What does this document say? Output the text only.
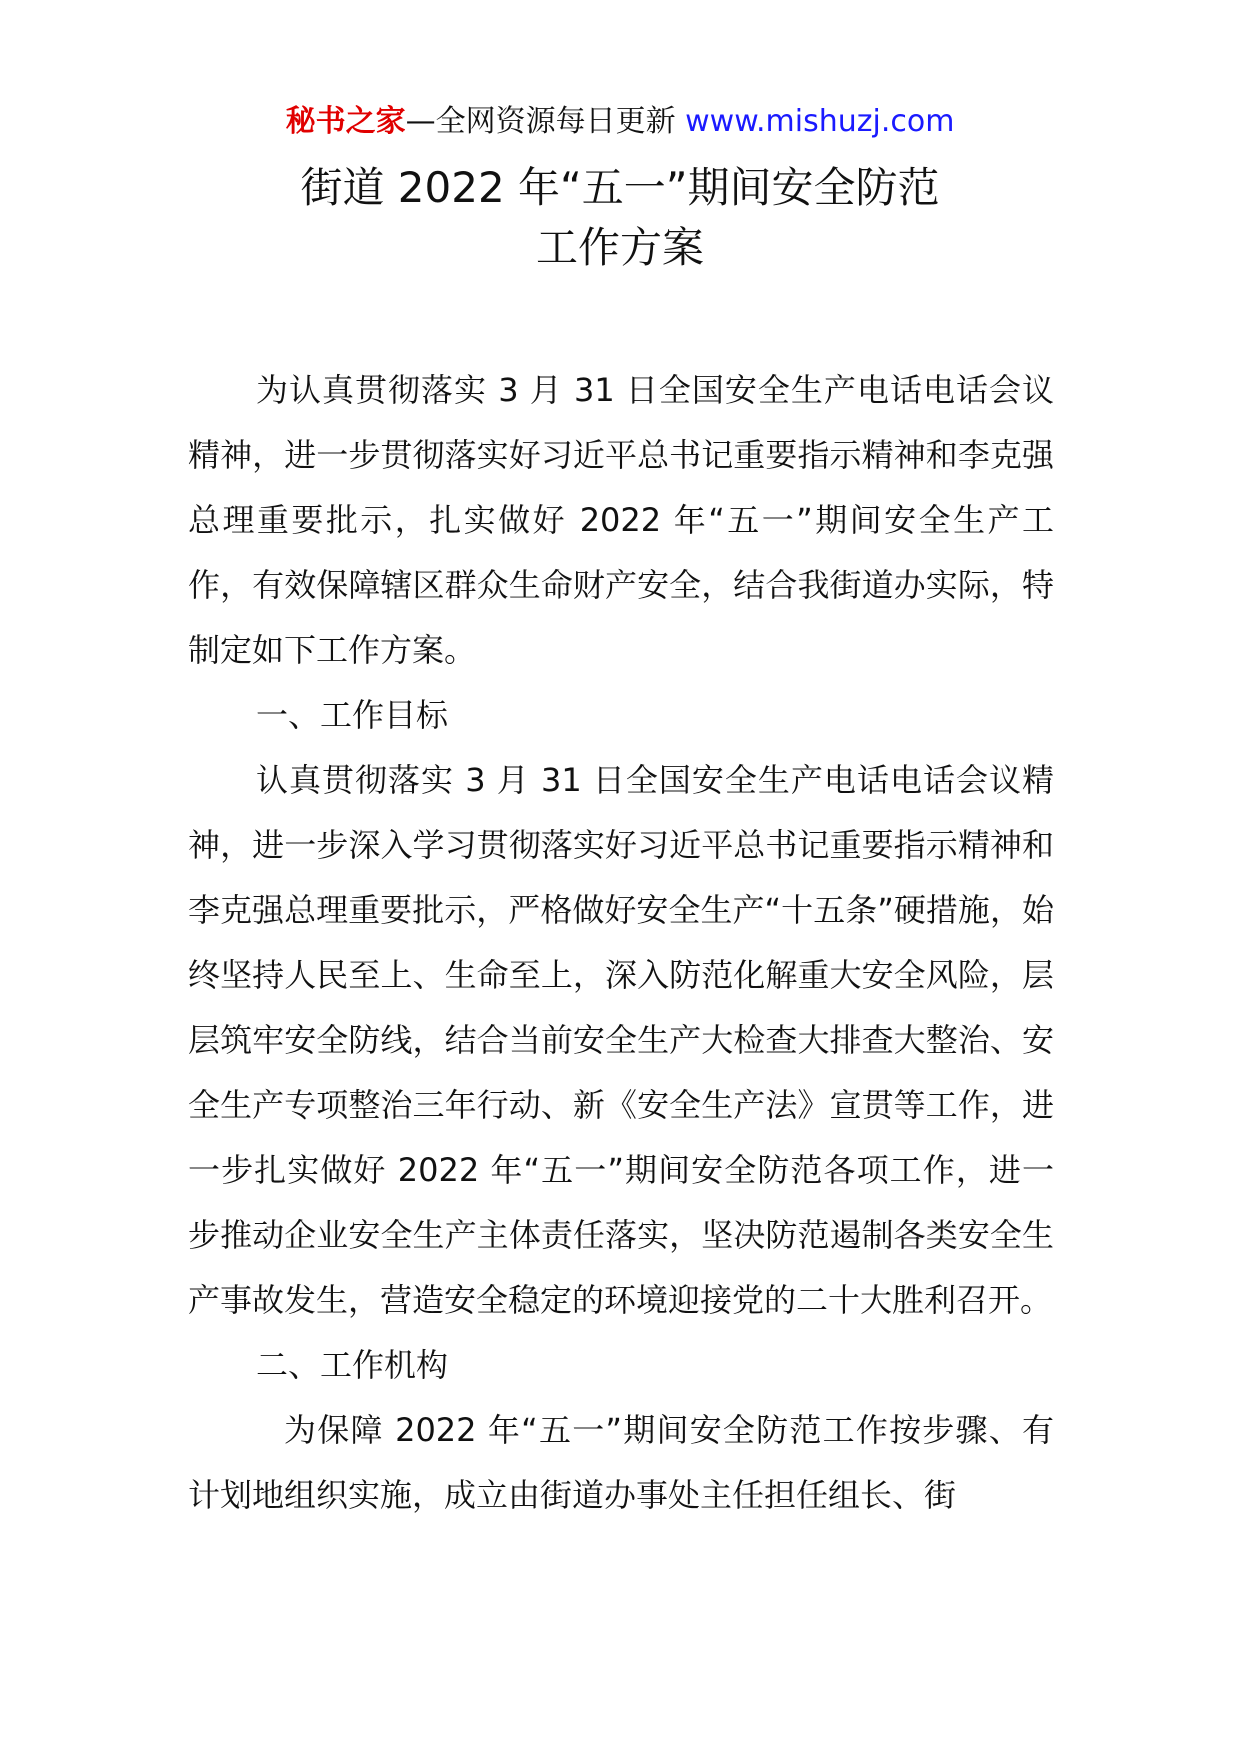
秘书之家—全网资源每日更新 www.mishuzj.com
街道 2022 年“五一”期间安全防范
工作方案

为认真贯彻落实 3 月 31 日全国安全生产电话电话会议精神，进一步贯彻落实好习近平总书记重要指示精神和李克强总理重要批示，扎实做好 2022 年“五一”期间安全生产工作，有效保障辖区群众生命财产安全，结合我街道办实际，特制定如下工作方案。

一、工作目标

认真贯彻落实 3 月 31 日全国安全生产电话电话会议精神，进一步深入学习贯彻落实好习近平总书记重要指示精神和李克强总理重要批示，严格做好安全生产“十五条”硬措施，始终坚持人民至上、生命至上，深入防范化解重大安全风险，层层筑牢安全防线，结合当前安全生产大检查大排查大整治、安全生产专项整治三年行动、新《安全生产法》宣贯等工作，进一步扎实做好 2022 年“五一”期间安全防范各项工作，进一步推动企业安全生产主体责任落实，坚决防范遏制各类安全生产事故发生，营造安全稳定的环境迎接党的二十大胜利召开。

二、工作机构

为保障 2022 年“五一”期间安全防范工作按步骤、有计划地组织实施，成立由街道办事处主任担任组长、街
